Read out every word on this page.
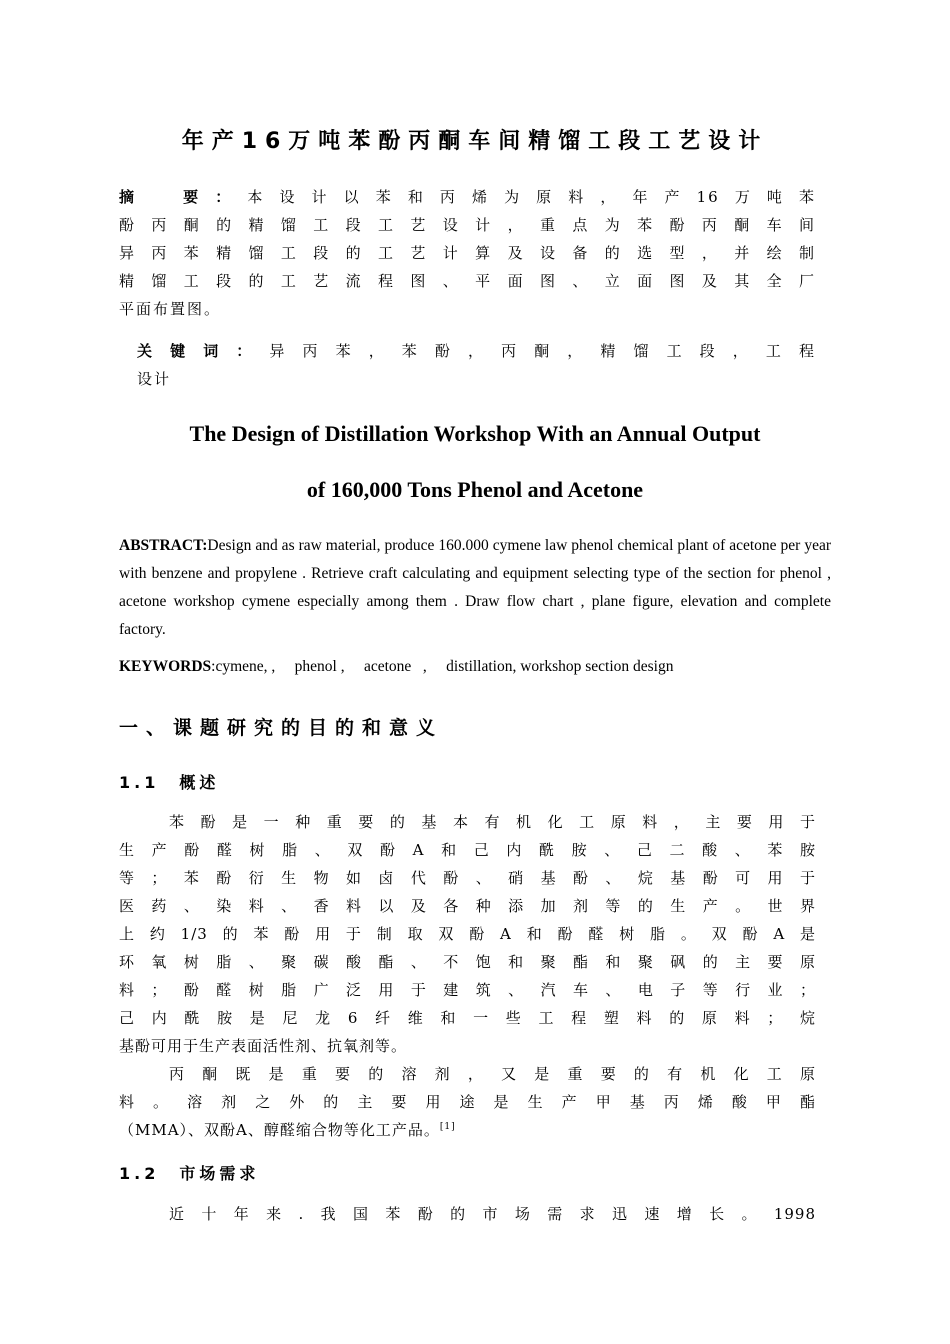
年产16万吨苯酚丙酮车间精馏工段工艺设计
摘　要：本设计以苯和丙烯为原料，年产16万吨苯
酚丙酮的精馏工段工艺设计，重点为苯酚丙酮车间
异丙苯精馏工段的工艺计算及设备的选型，并绘制
精馏工段的工艺流程图、平面图、立面图及其全厂
平面布置图。
关键词：异丙苯，苯酚，丙酮，精馏工段，工程
设计
The Design of Distillation Workshop With an Annual Output
of 160,000 Tons Phenol and Acetone
ABSTRACT:Design and as raw material, produce 160.000 cymene law phenol chemical plant of acetone per year with benzene and propylene . Retrieve craft calculating and equipment selecting type of the section for phenol , acetone workshop cymene especially among them . Draw flow chart , plane figure, elevation and complete factory.
KEYWORDS:cymene, ,     phenol ,     acetone   ,     distillation, workshop section design
一、课题研究的目的和意义
1.1　概述
苯酚是一种重要的基本有机化工原料，主要用于
生产酚醛树脂、双酚A和己内酰胺、己二酸、苯胺
等；苯酚衍生物如卤代酚、硝基酚、烷基酚可用于
医药、染料、香料以及各种添加剂等的生产。世界
上约1/3的苯酚用于制取双酚A和酚醛树脂。双酚A是
环氧树脂、聚碳酸酯、不饱和聚酯和聚砜的主要原
料；酚醛树脂广泛用于建筑、汽车、电子等行业；
己内酰胺是尼龙6纤维和一些工程塑料的原料；烷
基酚可用于生产表面活性剂、抗氧剂等。
丙酮既是重要的溶剂，又是重要的有机化工原
料。溶剂之外的主要用途是生产甲基丙烯酸甲酯
（MMA）、双酚A、醇醛缩合物等化工产品。[1]
1.2　市场需求
近十年来.我国苯酚的市场需求迅速增长。1998
